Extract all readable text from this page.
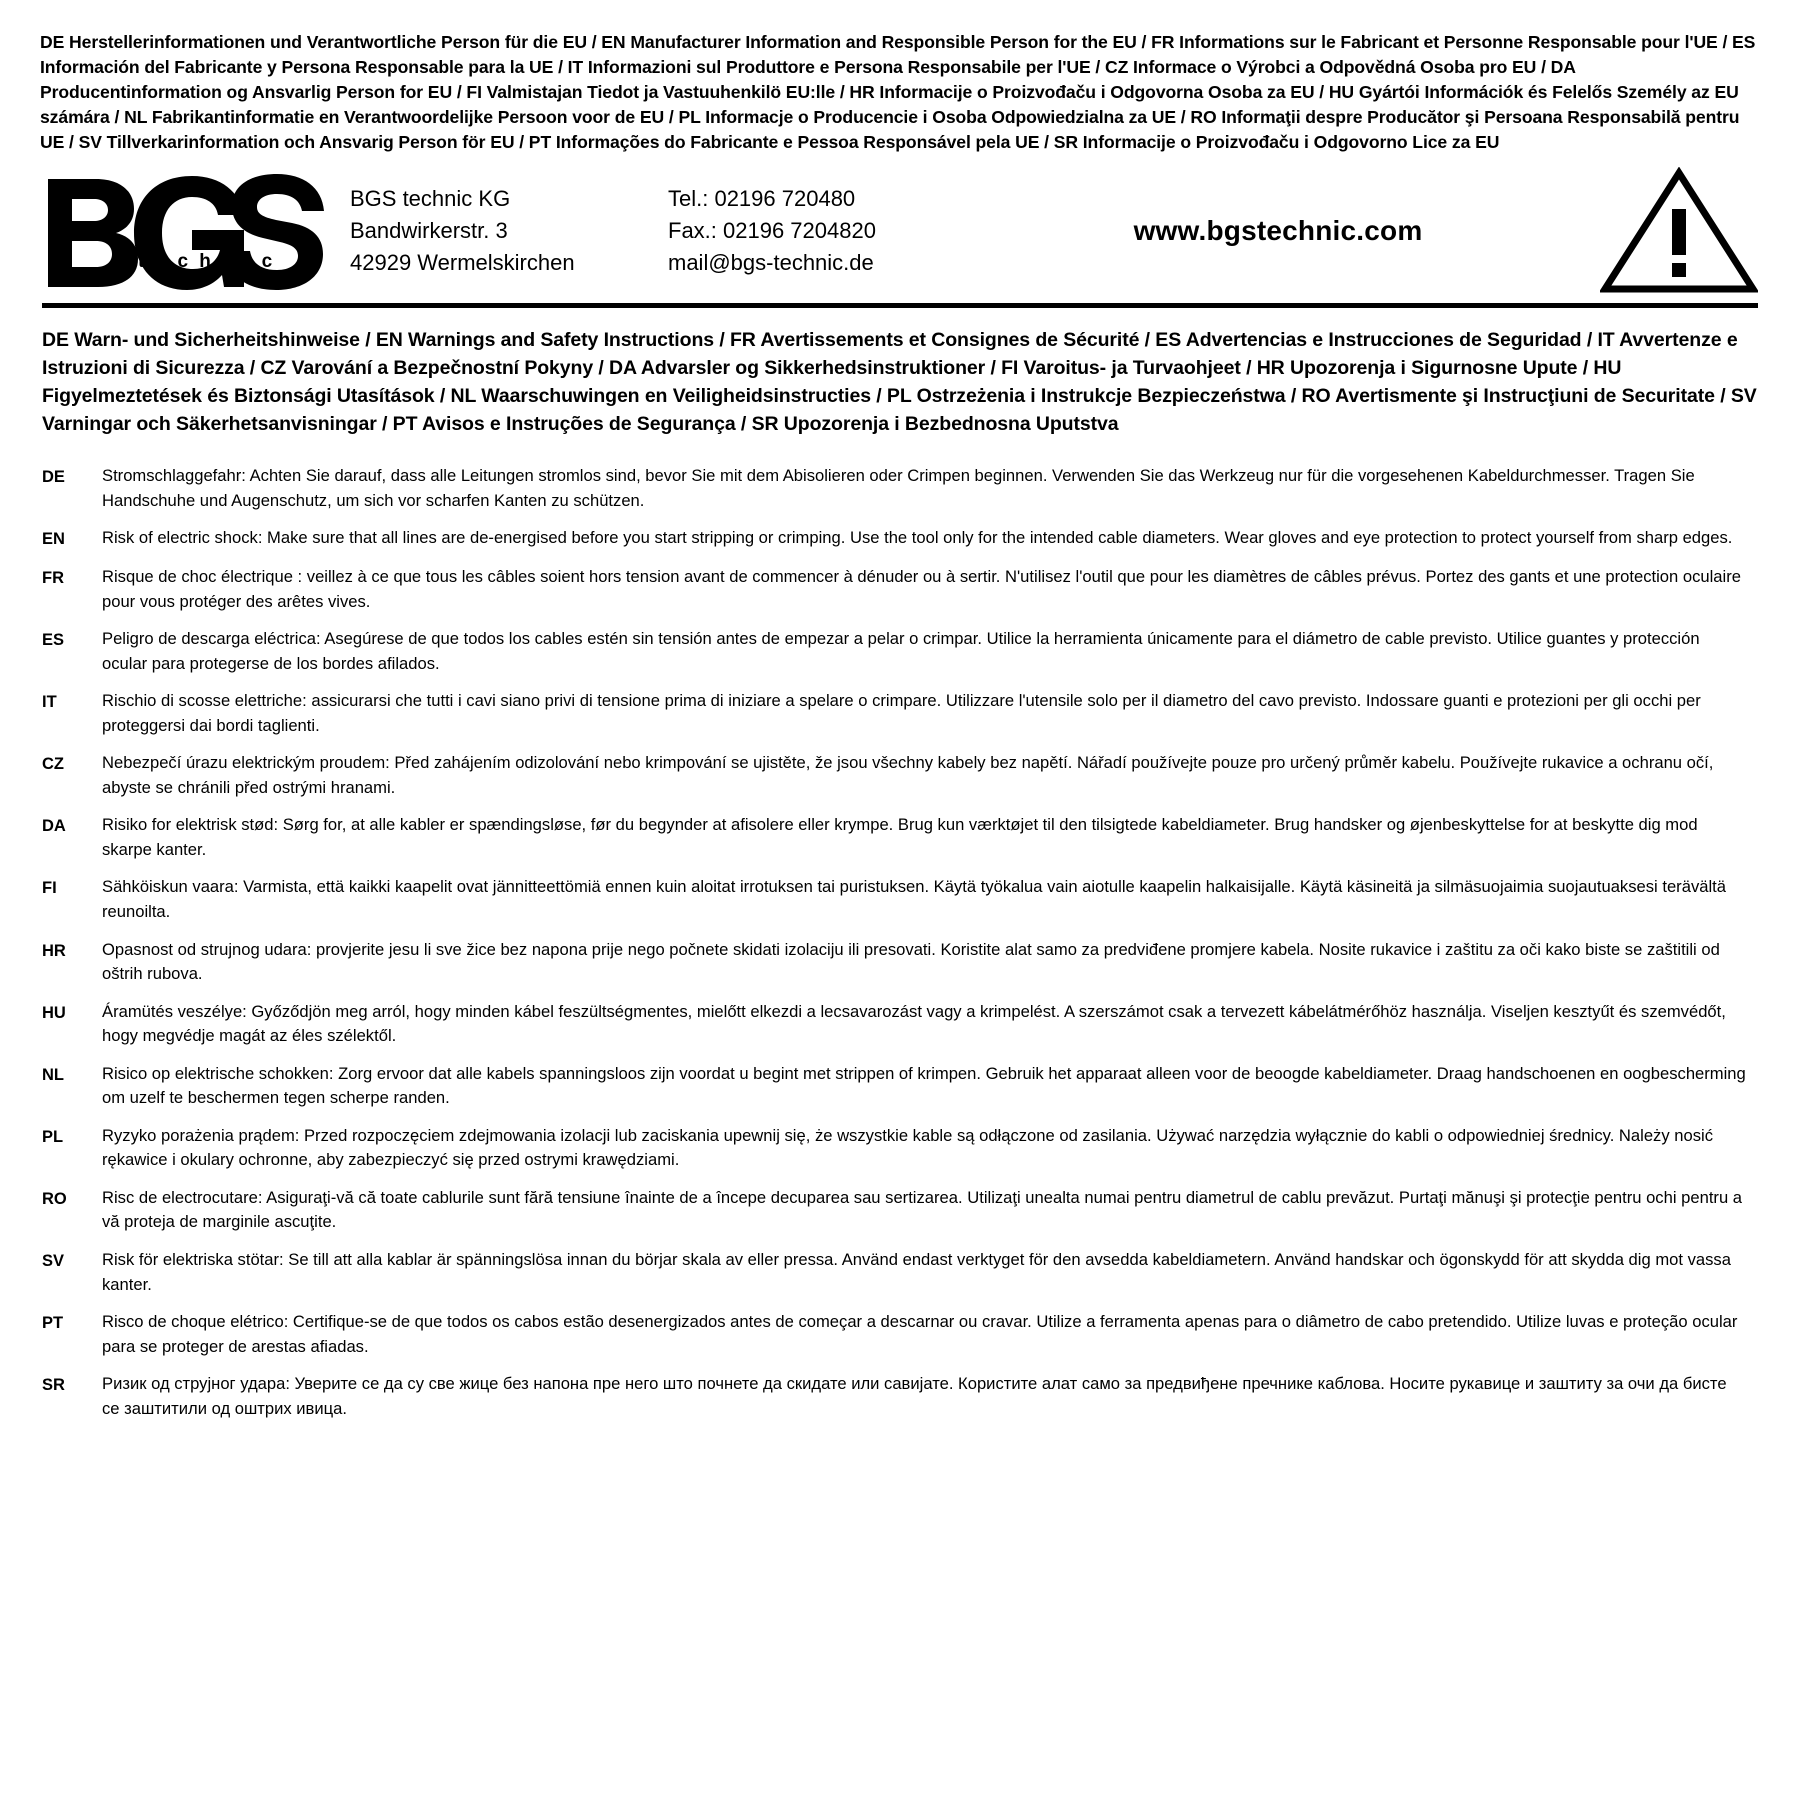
DE Herstellerinformationen und Verantwortliche Person für die EU / EN Manufacturer Information and Responsible Person for the EU / FR Informations sur le Fabricant et Personne Responsable pour l'UE / ES Información del Fabricante y Persona Responsable para la UE / IT Informazioni sul Produttore e Persona Responsabile per l'UE / CZ Informace o Výrobci a Odpovědná Osoba pro EU / DA Producentinformation og Ansvarlig Person for EU / FI Valmistajan Tiedot ja Vastuuhenkilö EU:lle / HR Informacije o Proizvođaču i Odgovorna Osoba za EU / HU Gyártói Információk és Felelős Személy az EU számára / NL Fabrikantinformatie en Verantwoordelijke Persoon voor de EU / PL Informacje o Producencie i Osoba Odpowiedzialna za UE / RO Informaţii despre Producător şi Persoana Responsabilă pentru UE / SV Tillverkarinformation och Ansvarig Person för EU / PT Informações do Fabricante e Pessoa Responsável pela UE / SR Informacije o Proizvođaču i Odgovorno Lice za EU
®
t e c h n i c
BGS technic KG
Bandwirkerstr. 3
42929 Wermelskirchen
Tel.: 02196 720480
Fax.: 02196 7204820
mail@bgs-technic.de
www.bgstechnic.com
DE Warn- und Sicherheitshinweise / EN Warnings and Safety Instructions / FR Avertissements et Consignes de Sécurité / ES Advertencias e Instrucciones de Seguridad / IT Avvertenze e Istruzioni di Sicurezza / CZ Varování a Bezpečnostní Pokyny / DA Advarsler og Sikkerhedsinstruktioner / FI Varoitus- ja Turvaohjeet / HR Upozorenja i Sigurnosne Upute / HU Figyelmeztetések és Biztonsági Utasítások / NL Waarschuwingen en Veiligheidsinstructies / PL Ostrzeżenia i Instrukcje Bezpieczeństwa / RO Avertismente şi Instrucţiuni de Securitate / SV Varningar och Säkerhetsanvisningar / PT Avisos e Instruções de Segurança / SR Upozorenja i Bezbednosna Uputstva
DE	Stromschlaggefahr: Achten Sie darauf, dass alle Leitungen stromlos sind, bevor Sie mit dem Abisolieren oder Crimpen beginnen. Verwenden Sie das Werkzeug nur für die vorgesehenen Kabeldurchmesser. Tragen Sie Handschuhe und Augenschutz, um sich vor scharfen Kanten zu schützen.
EN	Risk of electric shock: Make sure that all lines are de-energised before you start stripping or crimping. Use the tool only for the intended cable diameters. Wear gloves and eye protection to protect yourself from sharp edges.
FR	Risque de choc électrique : veillez à ce que tous les câbles soient hors tension avant de commencer à dénuder ou à sertir. N'utilisez l'outil que pour les diamètres de câbles prévus. Portez des gants et une protection oculaire pour vous protéger des arêtes vives.
ES	Peligro de descarga eléctrica: Asegúrese de que todos los cables estén sin tensión antes de empezar a pelar o crimpar. Utilice la herramienta únicamente para el diámetro de cable previsto. Utilice guantes y protección ocular para protegerse de los bordes afilados.
IT	Rischio di scosse elettriche: assicurarsi che tutti i cavi siano privi di tensione prima di iniziare a spelare o crimpare. Utilizzare l'utensile solo per il diametro del cavo previsto. Indossare guanti e protezioni per gli occhi per proteggersi dai bordi taglienti.
CZ	Nebezpečí úrazu elektrickým proudem: Před zahájením odizolování nebo krimpování se ujistěte, že jsou všechny kabely bez napětí. Nářadí používejte pouze pro určený průměr kabelu. Používejte rukavice a ochranu očí, abyste se chránili před ostrými hranami.
DA	Risiko for elektrisk stød: Sørg for, at alle kabler er spændingsløse, før du begynder at afisolere eller krympe. Brug kun værktøjet til den tilsigtede kabeldiameter. Brug handsker og øjenbeskyttelse for at beskytte dig mod skarpe kanter.
FI	Sähköiskun vaara: Varmista, että kaikki kaapelit ovat jännitteettömiä ennen kuin aloitat irrotuksen tai puristuksen. Käytä työkalua vain aiotulle kaapelin halkaisijalle. Käytä käsineitä ja silmäsuojaimia suojautuaksesi terävältä reunoilta.
HR	Opasnost od strujnog udara: provjerite jesu li sve žice bez napona prije nego počnete skidati izolaciju ili presovati. Koristite alat samo za predviđene promjere kabela. Nosite rukavice i zaštitu za oči kako biste se zaštitili od oštrih rubova.
HU	Áramütés veszélye: Győződjön meg arról, hogy minden kábel feszültségmentes, mielőtt elkezdi a lecsavarozást vagy a krimpelést. A szerszámot csak a tervezett kábelátmérőhöz használja. Viseljen kesztyűt és szemvédőt, hogy megvédje magát az éles szélektől.
NL	Risico op elektrische schokken: Zorg ervoor dat alle kabels spanningsloos zijn voordat u begint met strippen of krimpen. Gebruik het apparaat alleen voor de beoogde kabeldiameter. Draag handschoenen en oogbescherming om uzelf te beschermen tegen scherpe randen.
PL	Ryzyko porażenia prądem: Przed rozpoczęciem zdejmowania izolacji lub zaciskania upewnij się, że wszystkie kable są odłączone od zasilania. Używać narzędzia wyłącznie do kabli o odpowiedniej średnicy. Należy nosić rękawice i okulary ochronne, aby zabezpieczyć się przed ostrymi krawędziami.
RO	Risc de electrocutare: Asiguraţi-vă că toate cablurile sunt fără tensiune înainte de a începe decuparea sau sertizarea. Utilizaţi unealta numai pentru diametrul de cablu prevăzut. Purtaţi mănuşi şi protecţie pentru ochi pentru a vă proteja de marginile ascuţite.
SV	Risk för elektriska stötar: Se till att alla kablar är spänningslösa innan du börjar skala av eller pressa. Använd endast verktyget för den avsedda kabeldiametern. Använd handskar och ögonskydd för att skydda dig mot vassa kanter.
PT	Risco de choque elétrico: Certifique-se de que todos os cabos estão desenergizados antes de começar a descarnar ou cravar. Utilize a ferramenta apenas para o diâmetro de cabo pretendido. Utilize luvas e proteção ocular para se proteger de arestas afiadas.
SR	Ризик од струјног удара: Уверите се да су све жице без напона пре него што почнете да скидате или савијате. Користите алат само за предвиђене пречнике каблова. Носите рукавице и заштиту за очи да бисте се заштитили од оштрих ивица.
